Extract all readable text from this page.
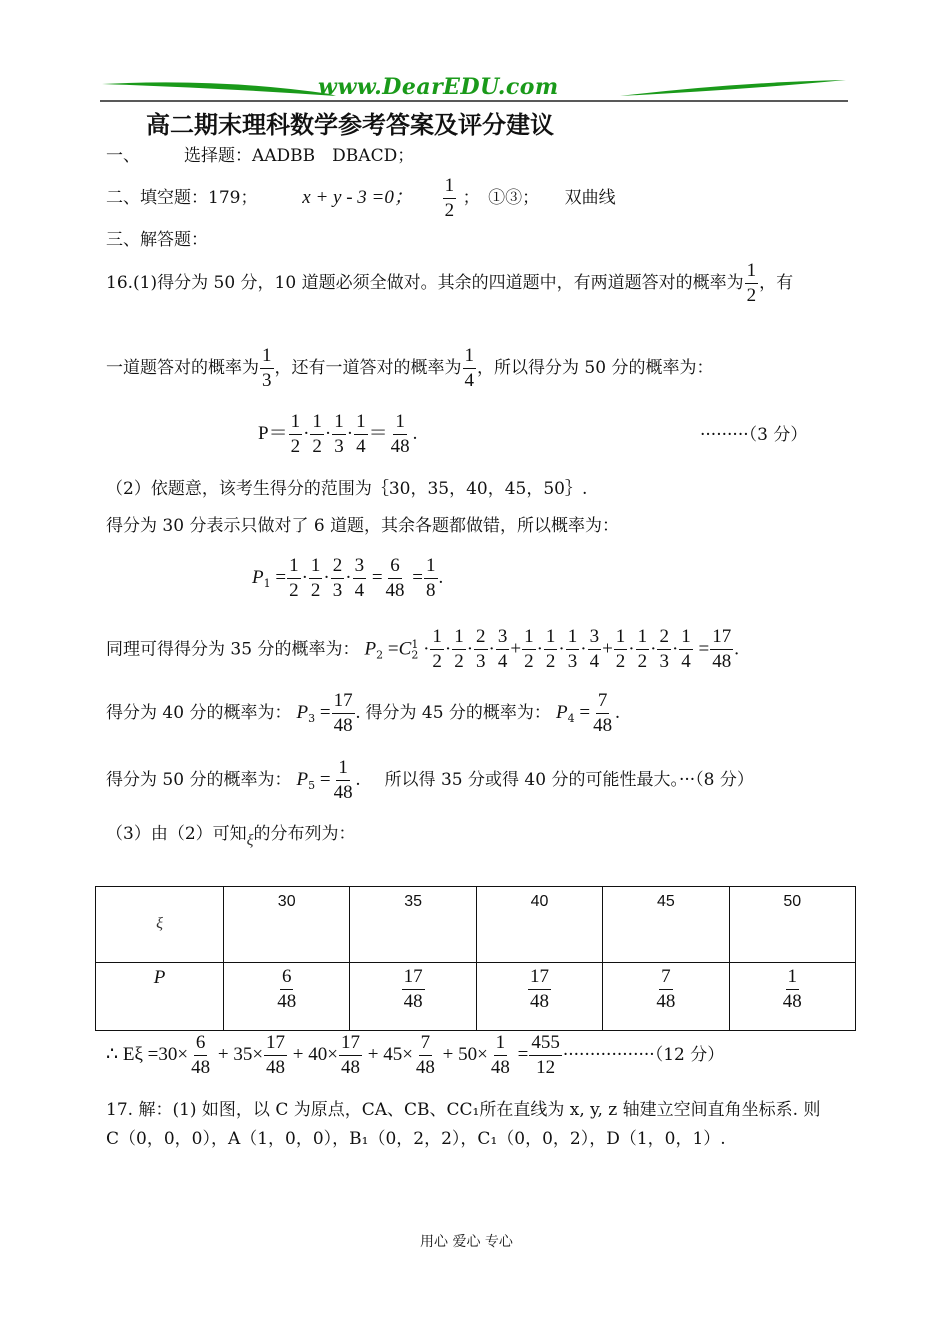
www.DearEDU.com
高二期末理科数学参考答案及评分建议
一、	选择题：AADBB　DBACD；
二、填空题：179； x + y - 3 =0； $\frac{1}{2}$ ；　①③；　　双曲线
三、解答题：
16.(1)得分为 50 分，10 道题必须全做对。其余的四道题中，有两道题答对的概率为 $\frac{1}{2}$ ，有
一道题答对的概率为 $\frac{1}{3}$ ，还有一道答对的概率为 $\frac{1}{4}$ ，所以得分为 50 分的概率为：
$P= \frac{1}{2} \cdot \frac{1}{2} \cdot \frac{1}{3} \cdot \frac{1}{4} = \frac{1}{48}$ .	·········（3 分）
（2）依题意，该考生得分的范围为｛30，35，40，45，50｝.
得分为 30 分表示只做对了 6 道题，其余各题都做错，所以概率为：
$P_1 = \frac{1}{2} \cdot \frac{1}{2} \cdot \frac{2}{3} \cdot \frac{3}{4} = \frac{6}{48} = \frac{1}{8}$ .
同理可得得分为 35 分的概率为： $P_2 =C_2^1 \cdot \frac{1}{2} \cdot \frac{1}{2} \cdot \frac{2}{3} \cdot \frac{3}{4} + \frac{1}{2} \cdot \frac{1}{2} \cdot \frac{1}{3} \cdot \frac{3}{4} + \frac{1}{2} \cdot \frac{1}{2} \cdot \frac{2}{3} \cdot \frac{1}{4} = \frac{17}{48}$ .
得分为 40 分的概率为： $P_3 = \frac{17}{48}$ . 得分为 45 分的概率为： $P_4 = \frac{7}{48}$ .
得分为 50 分的概率为： $P_5 = \frac{1}{48}$ . 所以得 35 分或得 40 分的可能性最大。···（8 分）
（3）由（2）可知ξ的分布列为：
ξ	30	35	40	45	50
P	$\frac{6}{48}$	$\frac{17}{48}$	$\frac{17}{48}$	$\frac{7}{48}$	$\frac{1}{48}$
∴ $E\xi =30\times \frac{6}{48} + 35\times \frac{17}{48} + 40\times \frac{17}{48} + 45\times \frac{7}{48} + 50\times \frac{1}{48} = \frac{455}{12} \cdot\cdot\cdot\cdot\cdot\cdot\cdot\cdot\cdot\cdot\cdot\cdot\cdot\cdot\cdot\cdot\cdot(12$ 分）
17. 解：(1) 如图，以 C 为原点，CA、CB、CC₁所在直线为 x, y, z 轴建立空间直角坐标系. 则
C（0，0，0），A（1，0，0），B₁（0，2，2），C₁（0，0，2），D（1，0，1）.
用心 爱心 专心
